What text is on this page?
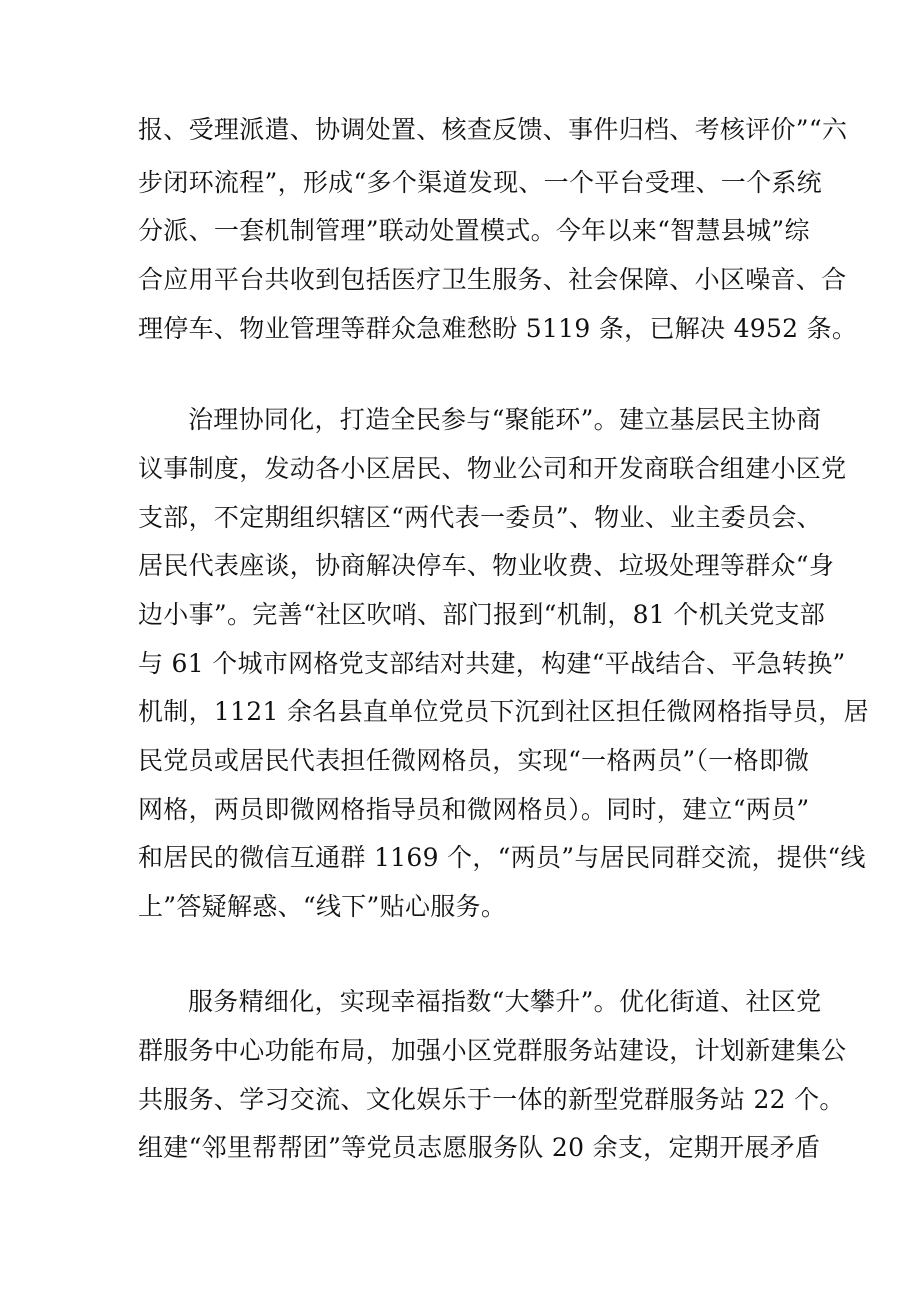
报、受理派遣、协调处置、核查反馈、事件归档、考核评价”“六

步闭环流程”，形成“多个渠道发现、一个平台受理、一个系统

分派、一套机制管理”联动处置模式。今年以来“智慧县城”综

合应用平台共收到包括医疗卫生服务、社会保障、小区噪音、合

理停车、物业管理等群众急难愁盼 5119 条，已解决 4952 条。

治理协同化，打造全民参与“聚能环”。建立基层民主协商

议事制度，发动各小区居民、物业公司和开发商联合组建小区党

支部，不定期组织辖区“两代表一委员”、物业、业主委员会、

居民代表座谈，协商解决停车、物业收费、垃圾处理等群众“身

边小事”。完善“社区吹哨、部门报到“机制，81 个机关党支部

与 61 个城市网格党支部结对共建，构建“平战结合、平急转换”

机制，1121 余名县直单位党员下沉到社区担任微网格指导员，居

民党员或居民代表担任微网格员，实现“一格两员”（一格即微

网格，两员即微网格指导员和微网格员）。同时，建立“两员”

和居民的微信互通群 1169 个，“两员”与居民同群交流，提供“线

上”答疑解惑、“线下”贴心服务。

服务精细化，实现幸福指数“大攀升”。优化街道、社区党

群服务中心功能布局，加强小区党群服务站建设，计划新建集公

共服务、学习交流、文化娱乐于一体的新型党群服务站 22 个。

组建“邻里帮帮团”等党员志愿服务队 20 余支，定期开展矛盾
